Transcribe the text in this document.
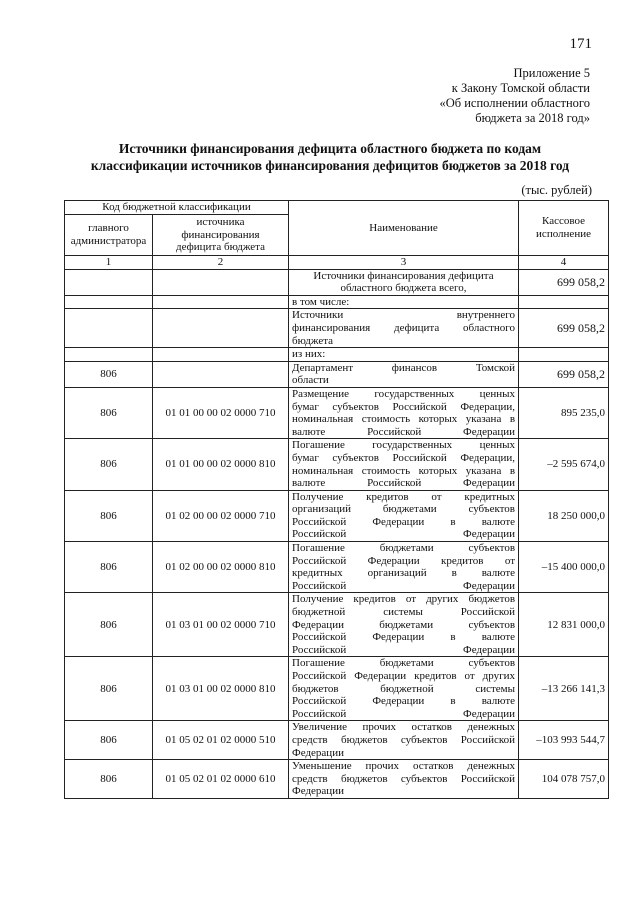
171
Приложение 5
к Закону Томской области
«Об исполнении областного
бюджета за 2018 год»
Источники финансирования дефицита областного бюджета по кодам
классификации источников финансирования дефицитов бюджетов за 2018 год
(тыс. рублей)
Код бюджетной классификации		Наименование	Кассовое
исполнение

главного администратора	источника
финансирования
дефицита бюджета		

1	2	3	4

		Источники финансирования дефицита
областного бюджета всего,	699 058,2

		в том числе:	

		Источники внутреннего
финансирования дефицита областного
бюджета	699 058,2

		из них:	

806		Департамент финансов Томской
области	699 058,2
806	01 01 00 00 02 0000 710	Размещение государственных ценных
бумаг субъектов Российской Федерации,
номинальная стоимость которых указана в
валюте Российской Федерации	895 235,0
806	01 01 00 00 02 0000 810	Погашение государственных ценных
бумаг субъектов Российской Федерации,
номинальная стоимость которых указана в
валюте Российской Федерации	–2 595 674,0
806	01 02 00 00 02 0000 710	Получение кредитов от кредитных
организаций бюджетами субъектов
Российской Федерации в валюте
Российской Федерации	18 250 000,0
806	01 02 00 00 02 0000 810	Погашение бюджетами субъектов
Российской Федерации кредитов от
кредитных организаций в валюте
Российской Федерации	–15 400 000,0
806	01 03 01 00 02 0000 710	Получение кредитов от других бюджетов
бюджетной системы Российской
Федерации бюджетами субъектов
Российской Федерации в валюте
Российской Федерации	12 831 000,0
806	01 03 01 00 02 0000 810	Погашение бюджетами субъектов
Российской Федерации кредитов от других
бюджетов бюджетной системы
Российской Федерации в валюте
Российской Федерации	–13 266 141,3
806	01 05 02 01 02 0000 510	Увеличение прочих остатков денежных
средств бюджетов субъектов Российской
Федерации	–103 993 544,7
806	01 05 02 01 02 0000 610	Уменьшение прочих остатков денежных
средств бюджетов субъектов Российской
Федерации	104 078 757,0
